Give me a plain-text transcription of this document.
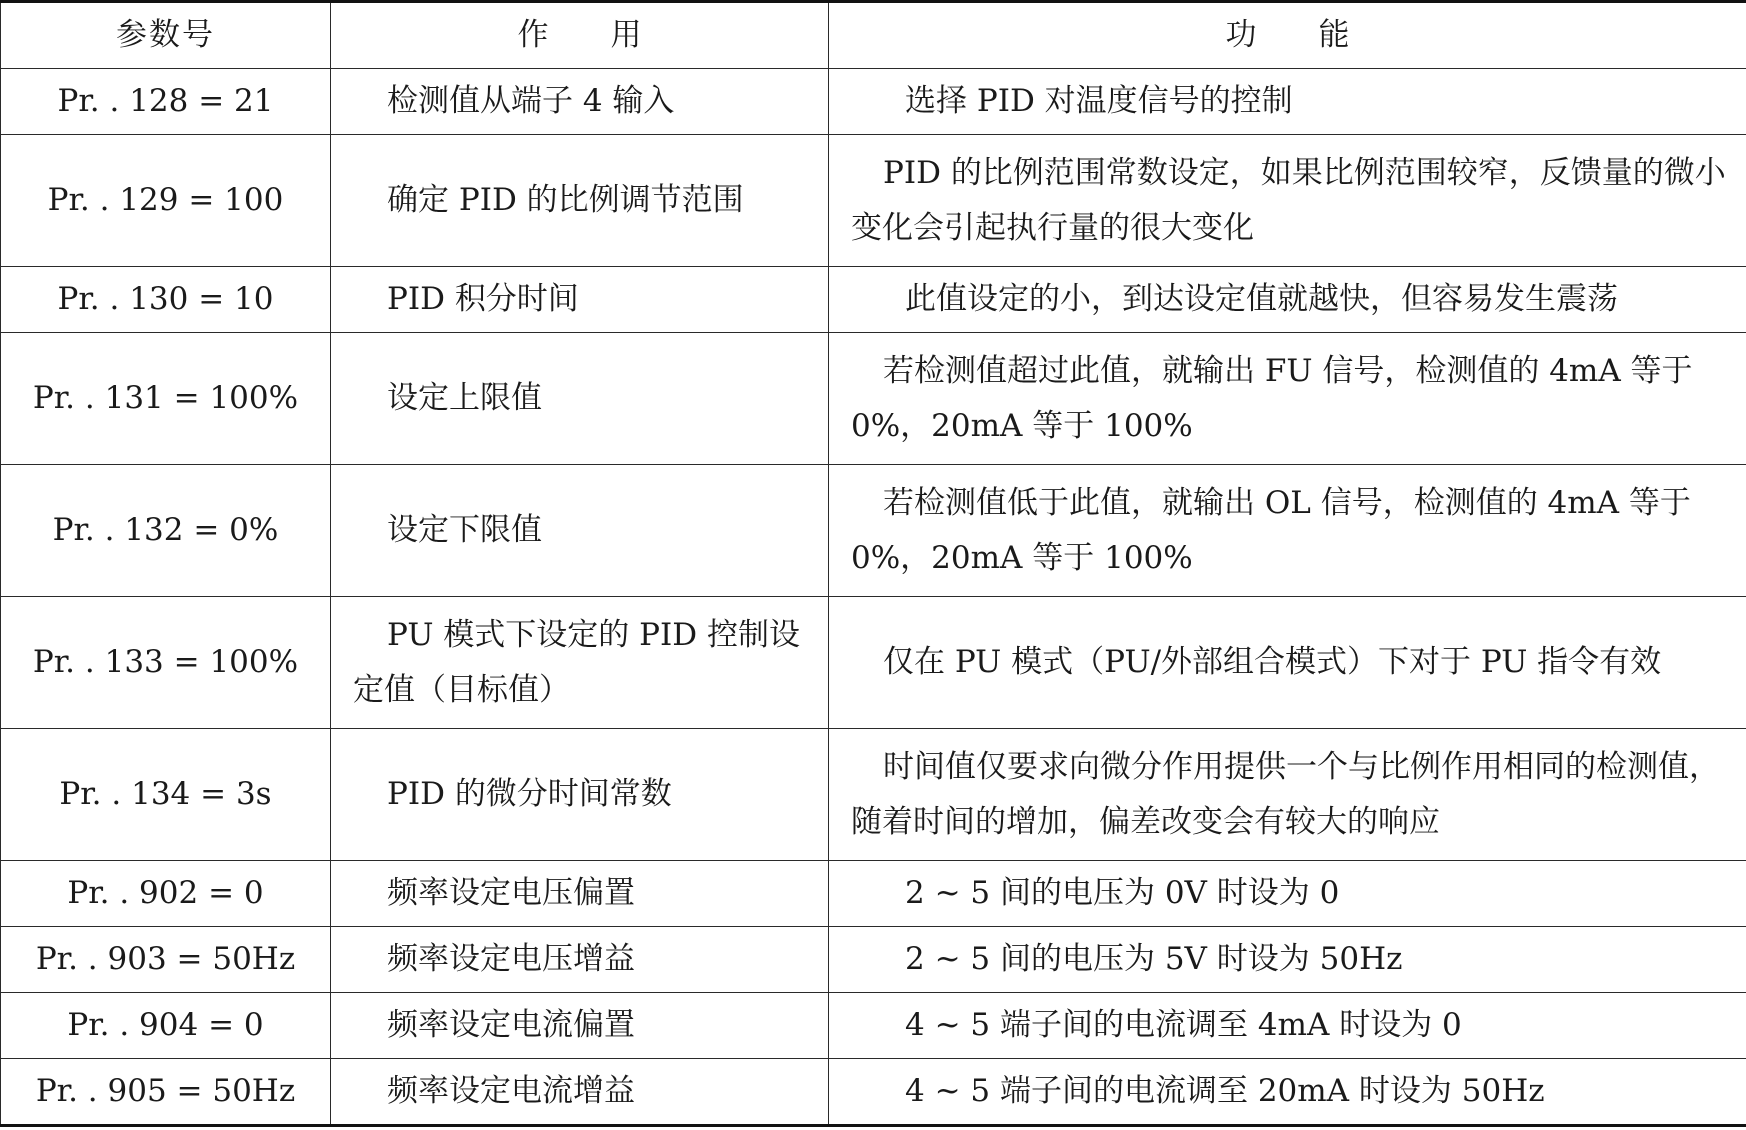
参数号	作　　用	功　　能
Pr. . 128 = 21	检测值从端子 4 输入	选择 PID 对温度信号的控制
Pr. . 129 = 100	确定 PID 的比例调节范围	PID 的比例范围常数设定，如果比例范围较窄，反馈量的微小变化会引起执行量的很大变化
Pr. . 130 = 10	PID 积分时间	此值设定的小，到达设定值就越快，但容易发生震荡
Pr. . 131 = 100%	设定上限值	若检测值超过此值，就输出 FU 信号，检测值的 4mA 等于0%，20mA 等于 100%
Pr. . 132 = 0%	设定下限值	若检测值低于此值，就输出 OL 信号，检测值的 4mA 等于0%，20mA 等于 100%
Pr. . 133 = 100%	PU 模式下设定的 PID 控制设定值（目标值）	仅在 PU 模式（PU/外部组合模式）下对于 PU 指令有效
Pr. . 134 = 3s	PID 的微分时间常数	时间值仅要求向微分作用提供一个与比例作用相同的检测值，随着时间的增加，偏差改变会有较大的响应
Pr. . 902 = 0	频率设定电压偏置	2 ~ 5 间的电压为 0V 时设为 0
Pr. . 903 = 50Hz	频率设定电压增益	2 ~ 5 间的电压为 5V 时设为 50Hz
Pr. . 904 = 0	频率设定电流偏置	4 ~ 5 端子间的电流调至 4mA 时设为 0
Pr. . 905 = 50Hz	频率设定电流增益	4 ~ 5 端子间的电流调至 20mA 时设为 50Hz
